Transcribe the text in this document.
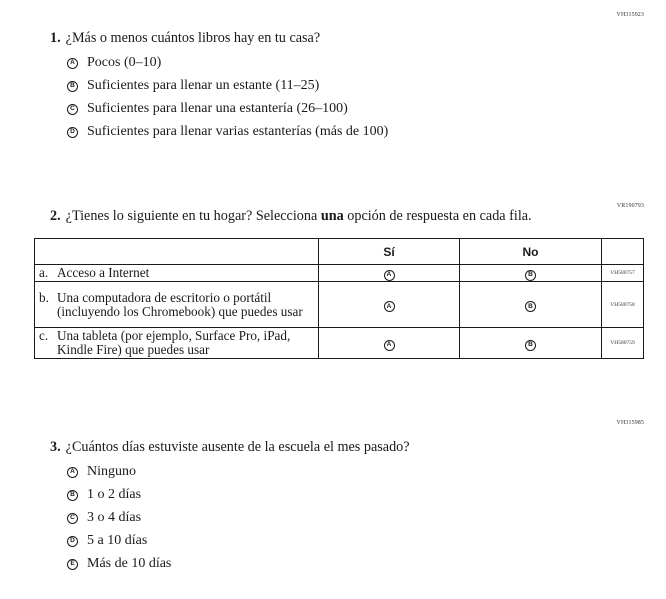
VH315923
1. ¿Más o menos cuántos libros hay en tu casa?
A Pocos (0–10)
B Suficientes para llenar un estante (11–25)
C Suficientes para llenar una estantería (26–100)
D Suficientes para llenar varias estanterías (más de 100)
VR190793
2. ¿Tienes lo siguiente en tu hogar? Selecciona una opción de respuesta en cada fila.
	Sí	No	
a. Acceso a Internet	A	B	VH580757
b. Una computadora de escritorio o portátil (incluyendo los Chromebook) que puedes usar	A	B	VH580758
c. Una tableta (por ejemplo, Surface Pro, iPad, Kindle Fire) que puedes usar	A	B	VH580759
VH315985
3. ¿Cuántos días estuviste ausente de la escuela el mes pasado?
A Ninguno
B 1 o 2 días
C 3 o 4 días
D 5 a 10 días
E Más de 10 días
